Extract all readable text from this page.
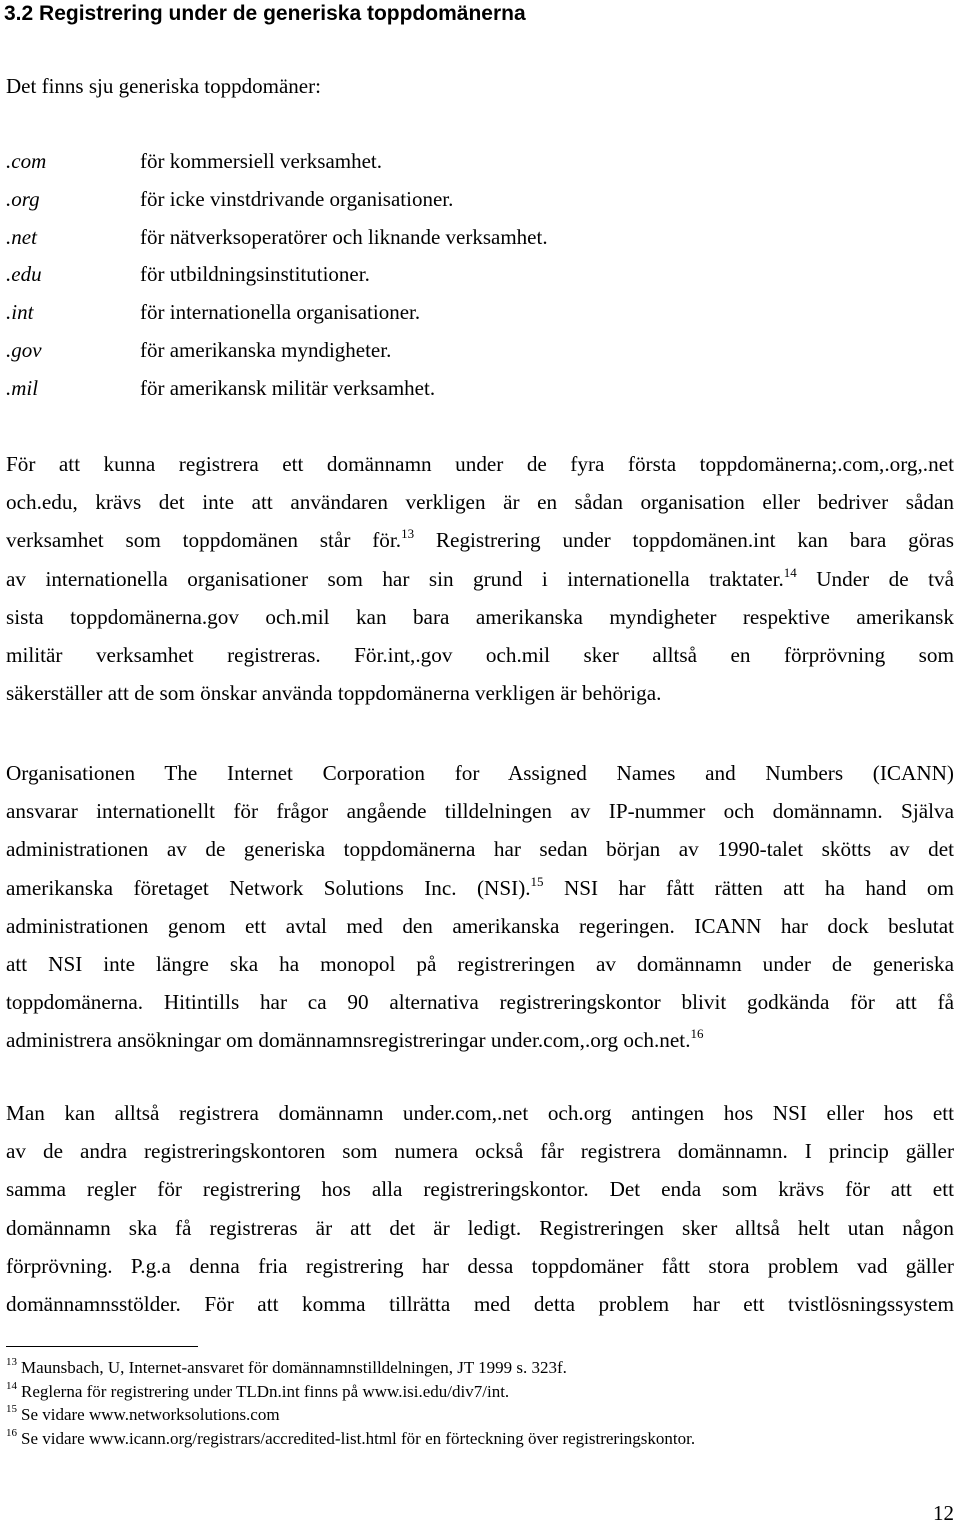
3.2 Registrering under de generiska toppdomänerna
Det finns sju generiska toppdomäner:
.com	för kommersiell verksamhet.
.org	för icke vinstdrivande organisationer.
.net	för nätverksoperatörer och liknande verksamhet.
.edu	för utbildningsinstitutioner.
.int	för internationella organisationer.
.gov	för amerikanska myndigheter.
.mil	för amerikansk militär verksamhet.
För att kunna registrera ett domännamn under de fyra första toppdomänerna;.com,.org,.net
och.edu, krävs det inte att användaren verkligen är en sådan organisation eller bedriver sådan
verksamhet som toppdomänen står för.$^{13}$ Registrering under toppdomänen.int kan bara göras
av internationella organisationer som har sin grund i internationella traktater.$^{14}$ Under de två
sista toppdomänerna.gov och.mil kan bara amerikanska myndigheter respektive amerikansk
militär verksamhet registreras. För.int,.gov och.mil sker alltså en förprövning som
säkerställer att de som önskar använda toppdomänerna verkligen är behöriga.
Organisationen The Internet Corporation for Assigned Names and Numbers (ICANN)
ansvarar internationellt för frågor angående tilldelningen av IP-nummer och domännamn. Själva
administrationen av de generiska toppdomänerna har sedan början av 1990-talet skötts av det
amerikanska företaget Network Solutions Inc. (NSI).$^{15}$ NSI har fått rätten att ha hand om
administrationen genom ett avtal med den amerikanska regeringen. ICANN har dock beslutat
att NSI inte längre ska ha monopol på registreringen av domännamn under de generiska
toppdomänerna. Hitintills har ca 90 alternativa registreringskontor blivit godkända för att få
administrera ansökningar om domännamnsregistreringar under.com,.org och.net.$^{16}$
Man kan alltså registrera domännamn under.com,.net och.org antingen hos NSI eller hos ett
av de andra registreringskontoren som numera också får registrera domännamn. I princip gäller
samma regler för registrering hos alla registreringskontor. Det enda som krävs för att ett
domännamn ska få registreras är att det är ledigt. Registreringen sker alltså helt utan någon
förprövning. P.g.a denna fria registrering har dessa toppdomäner fått stora problem vad gäller
domännamnsstölder. För att komma tillrätta med detta problem har ett tvistlösningssystem
13 Maunsbach, U, Internet-ansvaret för domännamnstilldelningen, JT 1999 s. 323f.
14 Reglerna för registrering under TLDn.int finns på www.isi.edu/div7/int.
15 Se vidare www.networksolutions.com
16 Se vidare www.icann.org/registrars/accredited-list.html för en förteckning över registreringskontor.
12
